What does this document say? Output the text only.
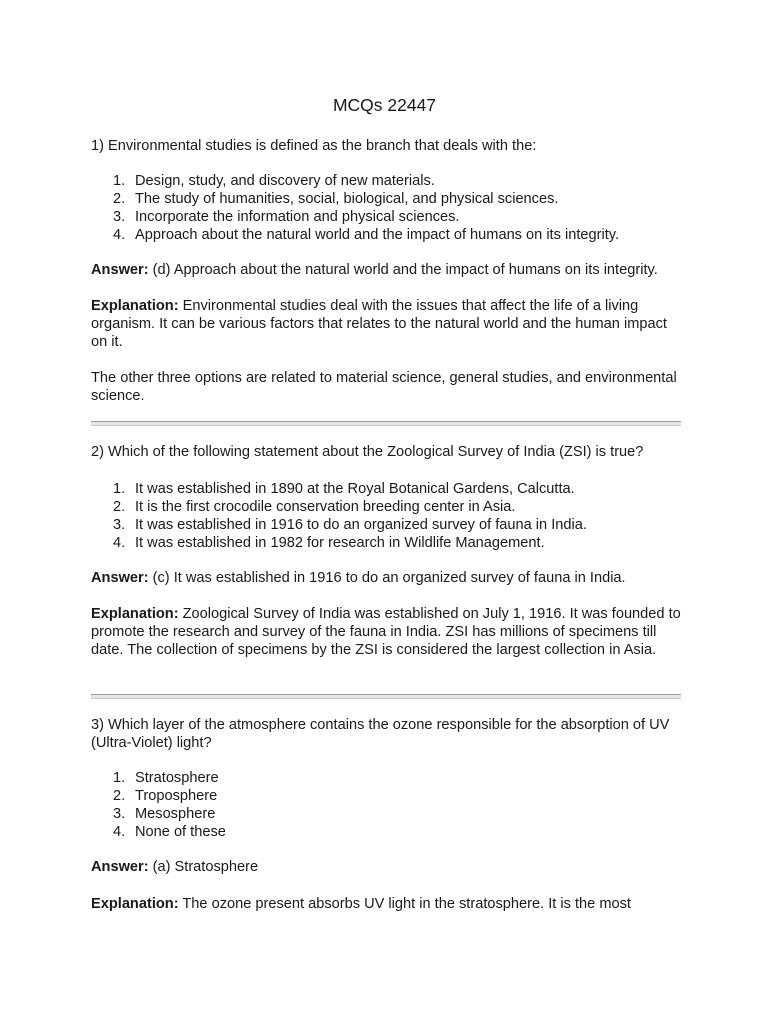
MCQs 22447

1) Environmental studies is defined as the branch that deals with the:

1. Design, study, and discovery of new materials.
2. The study of humanities, social, biological, and physical sciences.
3. Incorporate the information and physical sciences.
4. Approach about the natural world and the impact of humans on its integrity.

Answer: (d) Approach about the natural world and the impact of humans on its integrity.

Explanation: Environmental studies deal with the issues that affect the life of a living organism. It can be various factors that relates to the natural world and the human impact on it.

The other three options are related to material science, general studies, and environmental science.

2) Which of the following statement about the Zoological Survey of India (ZSI) is true?

1. It was established in 1890 at the Royal Botanical Gardens, Calcutta.
2. It is the first crocodile conservation breeding center in Asia.
3. It was established in 1916 to do an organized survey of fauna in India.
4. It was established in 1982 for research in Wildlife Management.

Answer: (c) It was established in 1916 to do an organized survey of fauna in India.

Explanation: Zoological Survey of India was established on July 1, 1916. It was founded to promote the research and survey of the fauna in India. ZSI has millions of specimens till date. The collection of specimens by the ZSI is considered the largest collection in Asia.

3) Which layer of the atmosphere contains the ozone responsible for the absorption of UV (Ultra-Violet) light?

1. Stratosphere
2. Troposphere
3. Mesosphere
4. None of these

Answer: (a) Stratosphere

Explanation: The ozone present absorbs UV light in the stratosphere. It is the most
